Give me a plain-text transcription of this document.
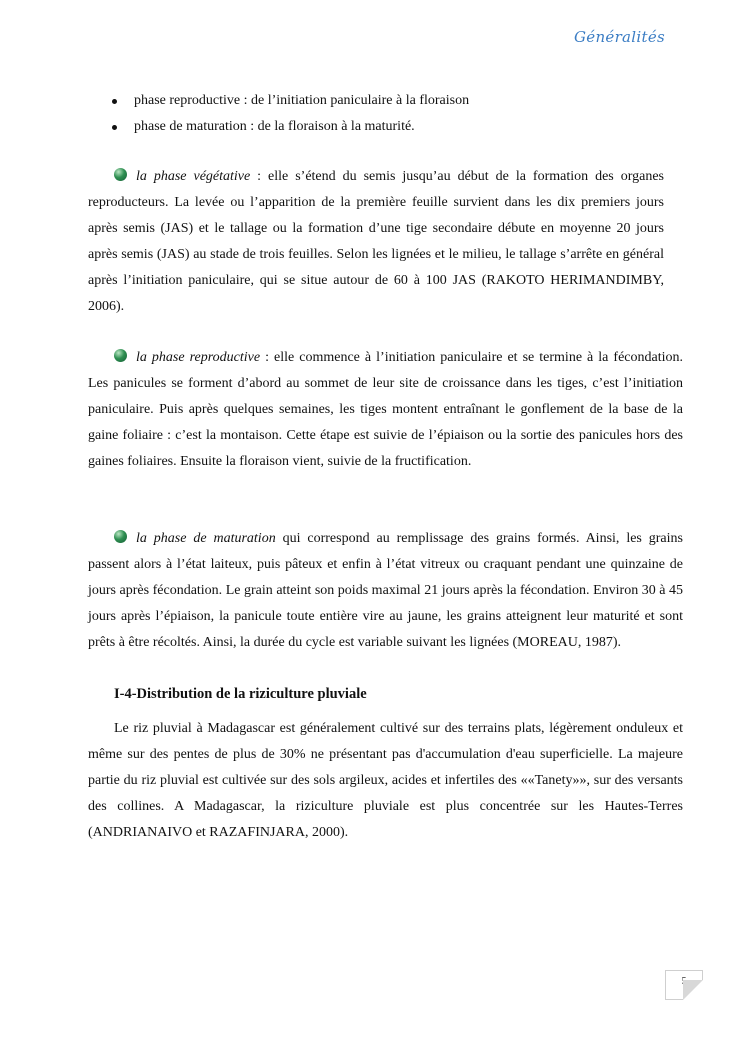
Généralités
phase reproductive : de l’initiation paniculaire à la floraison
phase de maturation : de la floraison à la maturité.
la phase végétative : elle s’étend du semis jusqu’au début de la formation des organes reproducteurs. La levée ou l’apparition de la première feuille survient dans les dix premiers jours après semis (JAS) et le tallage ou la formation d’une tige secondaire débute en moyenne 20 jours après semis (JAS) au stade de trois feuilles. Selon les lignées et le milieu, le tallage s’arrête en général après l’initiation paniculaire, qui se situe autour de 60 à 100 JAS (RAKOTO HERIMANDIMBY, 2006).
la phase reproductive : elle commence à l’initiation paniculaire et se termine à la fécondation. Les panicules se forment d’abord au sommet de leur site de croissance dans les tiges, c’est l’initiation paniculaire. Puis après quelques semaines, les tiges montent entraînant le gonflement de la base de la gaine foliaire : c’est la montaison. Cette étape est suivie de l’épiaison ou la sortie des panicules hors des gaines foliaires. Ensuite la floraison vient, suivie de la fructification.
la phase de maturation qui correspond au remplissage des grains formés. Ainsi, les grains passent alors à l’état laiteux, puis pâteux et enfin à l’état vitreux ou craquant pendant une quinzaine de jours après fécondation. Le grain atteint son poids maximal 21 jours après la fécondation. Environ 30 à 45 jours après l’épiaison, la panicule toute entière vire au jaune, les grains atteignent leur maturité et sont prêts à être récoltés. Ainsi, la durée du cycle est variable suivant les lignées (MOREAU, 1987).
I-4-Distribution de la riziculture pluviale
Le riz pluvial à Madagascar est généralement cultivé sur des terrains plats, légèrement onduleux et même sur des pentes de plus de 30% ne présentant pas d'accumulation d'eau superficielle. La majeure partie du riz pluvial est cultivée sur des sols argileux, acides et infertiles des ««Tanety»», sur des versants des collines. A Madagascar, la riziculture pluviale est plus concentrée sur les Hautes-Terres (ANDRIANAIVO et RAZAFINJARA, 2000).
5
